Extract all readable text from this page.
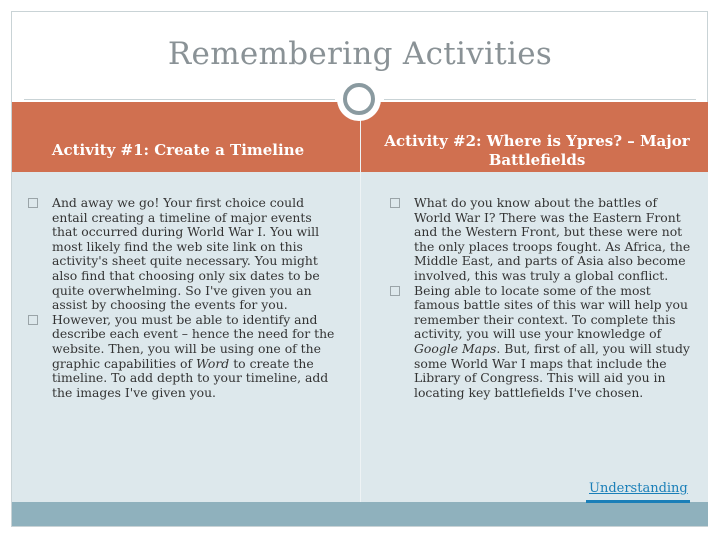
Remembering Activities
Activity #1: Create a Timeline	Activity #2: Where is Ypres? – Major Battlefields

And away we go! Your first choice could entail creating a timeline of major events that occurred during World War I. You will most likely find the web site link on this activity's sheet quite necessary. You might also find that choosing only six dates to be quite overwhelming. So I've given you an assist by choosing the events for you.

However, you must be able to identify and describe each event – hence the need for the website. Then, you will be using one of the graphic capabilities of Word to create the timeline. To add depth to your timeline, add the images I've given you.

What do you know about the battles of World War I? There was the Eastern Front and the Western Front, but these were not the only places troops fought. As Africa, the Middle East, and parts of Asia also become involved, this was truly a global conflict.

Being able to locate some of the most famous battle sites of this war will help you remember their context. To complete this activity, you will use your knowledge of Google Maps. But, first of all, you will study some World War I maps that include the Library of Congress. This will aid you in locating key battlefields I've chosen.

Understanding
